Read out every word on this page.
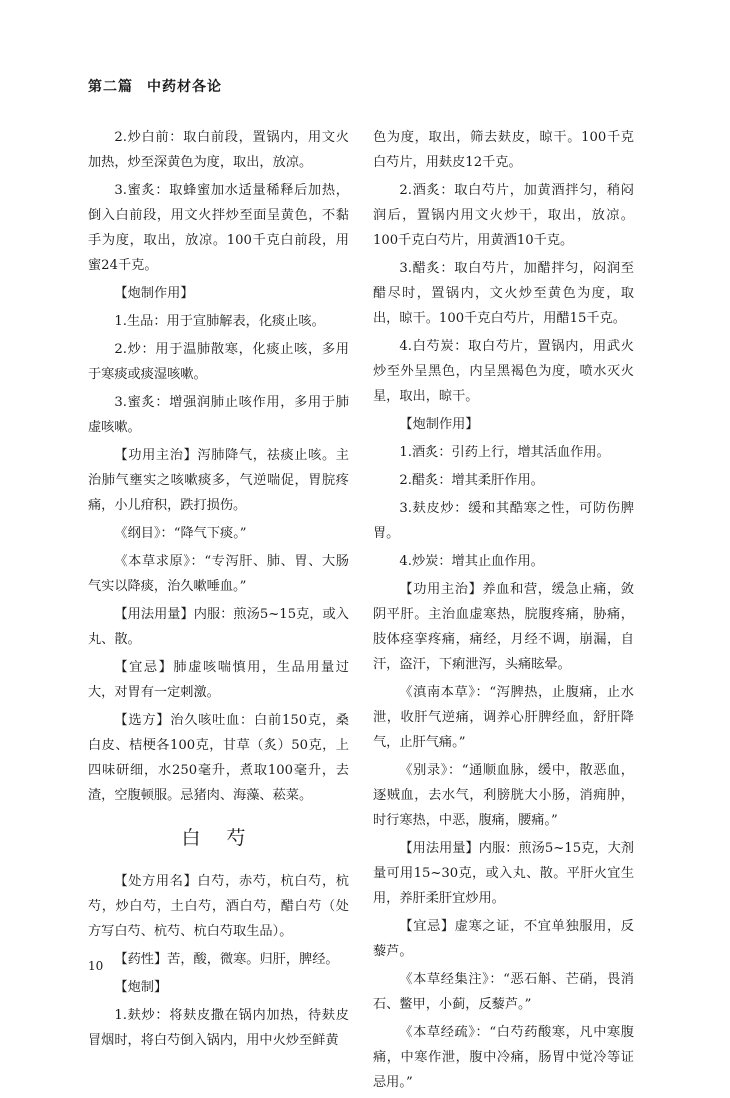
第二篇 中药材各论

2.炒白前：取白前段，置锅内，用文火加热，炒至深黄色为度，取出，放凉。

3.蜜炙：取蜂蜜加水适量稀释后加热，倒入白前段，用文火拌炒至面呈黄色，不黏手为度，取出，放凉。100千克白前段，用蜜24千克。

【炮制作用】

1.生品：用于宣肺解表，化痰止咳。

2.炒：用于温肺散寒，化痰止咳，多用于寒痰或痰湿咳嗽。

3.蜜炙：增强润肺止咳作用，多用于肺虚咳嗽。

【功用主治】泻肺降气，祛痰止咳。主治肺气壅实之咳嗽痰多，气逆喘促，胃脘疼痛，小儿疳积，跌打损伤。

《纲目》：“降气下痰。”

《本草求原》：“专泻肝、肺、胃、大肠气实以降痰，治久嗽唾血。”

【用法用量】内服：煎汤5~15克，或入丸、散。

【宜忌】肺虚咳喘慎用，生品用量过大，对胃有一定刺激。

【选方】治久咳吐血：白前150克，桑白皮、桔梗各100克，甘草（炙）50克，上四味研细，水250毫升，煮取100毫升，去渣，空腹顿服。忌猪肉、海藻、菘菜。

白 芍

【处方用名】白芍，赤芍，杭白芍，杭芍，炒白芍，土白芍，酒白芍，醋白芍（处方写白芍、杭芍、杭白芍取生品）。

【药性】苦，酸，微寒。归肝，脾经。

【炮制】

1.麸炒：将麸皮撒在锅内加热，待麸皮冒烟时，将白芍倒入锅内，用中火炒至鲜黄

色为度，取出，筛去麸皮，晾干。100千克白芍片，用麸皮12千克。

2.酒炙：取白芍片，加黄酒拌匀，稍闷润后，置锅内用文火炒干，取出，放凉。100千克白芍片，用黄酒10千克。

3.醋炙：取白芍片，加醋拌匀，闷润至醋尽时，置锅内，文火炒至黄色为度，取出，晾干。100千克白芍片，用醋15千克。

4.白芍炭：取白芍片，置锅内，用武火炒至外呈黑色，内呈黑褐色为度，喷水灭火星，取出，晾干。

【炮制作用】

1.酒炙：引药上行，增其活血作用。

2.醋炙：增其柔肝作用。

3.麸皮炒：缓和其酷寒之性，可防伤脾胃。

4.炒炭：增其止血作用。

【功用主治】养血和营，缓急止痛，敛阴平肝。主治血虚寒热，脘腹疼痛，胁痛，肢体痉挛疼痛，痛经，月经不调，崩漏，自汗，盗汗，下痢泄泻，头痛眩晕。

《滇南本草》：“泻脾热，止腹痛，止水泄，收肝气逆痛，调养心肝脾经血，舒肝降气，止肝气痛。”

《别录》：“通顺血脉，缓中，散恶血，逐贼血，去水气，利膀胱大小肠，消痈肿，时行寒热，中恶，腹痛，腰痛。”

【用法用量】内服：煎汤5~15克，大剂量可用15~30克，或入丸、散。平肝火宜生用，养肝柔肝宜炒用。

【宜忌】虚寒之证，不宜单独服用，反藜芦。

《本草经集注》：“恶石斛、芒硝，畏消石、鳖甲，小蓟，反藜芦。”

《本草经疏》：“白芍药酸寒，凡中寒腹痛，中寒作泄，腹中冷痛，肠胃中觉冷等证忌用。”

10
